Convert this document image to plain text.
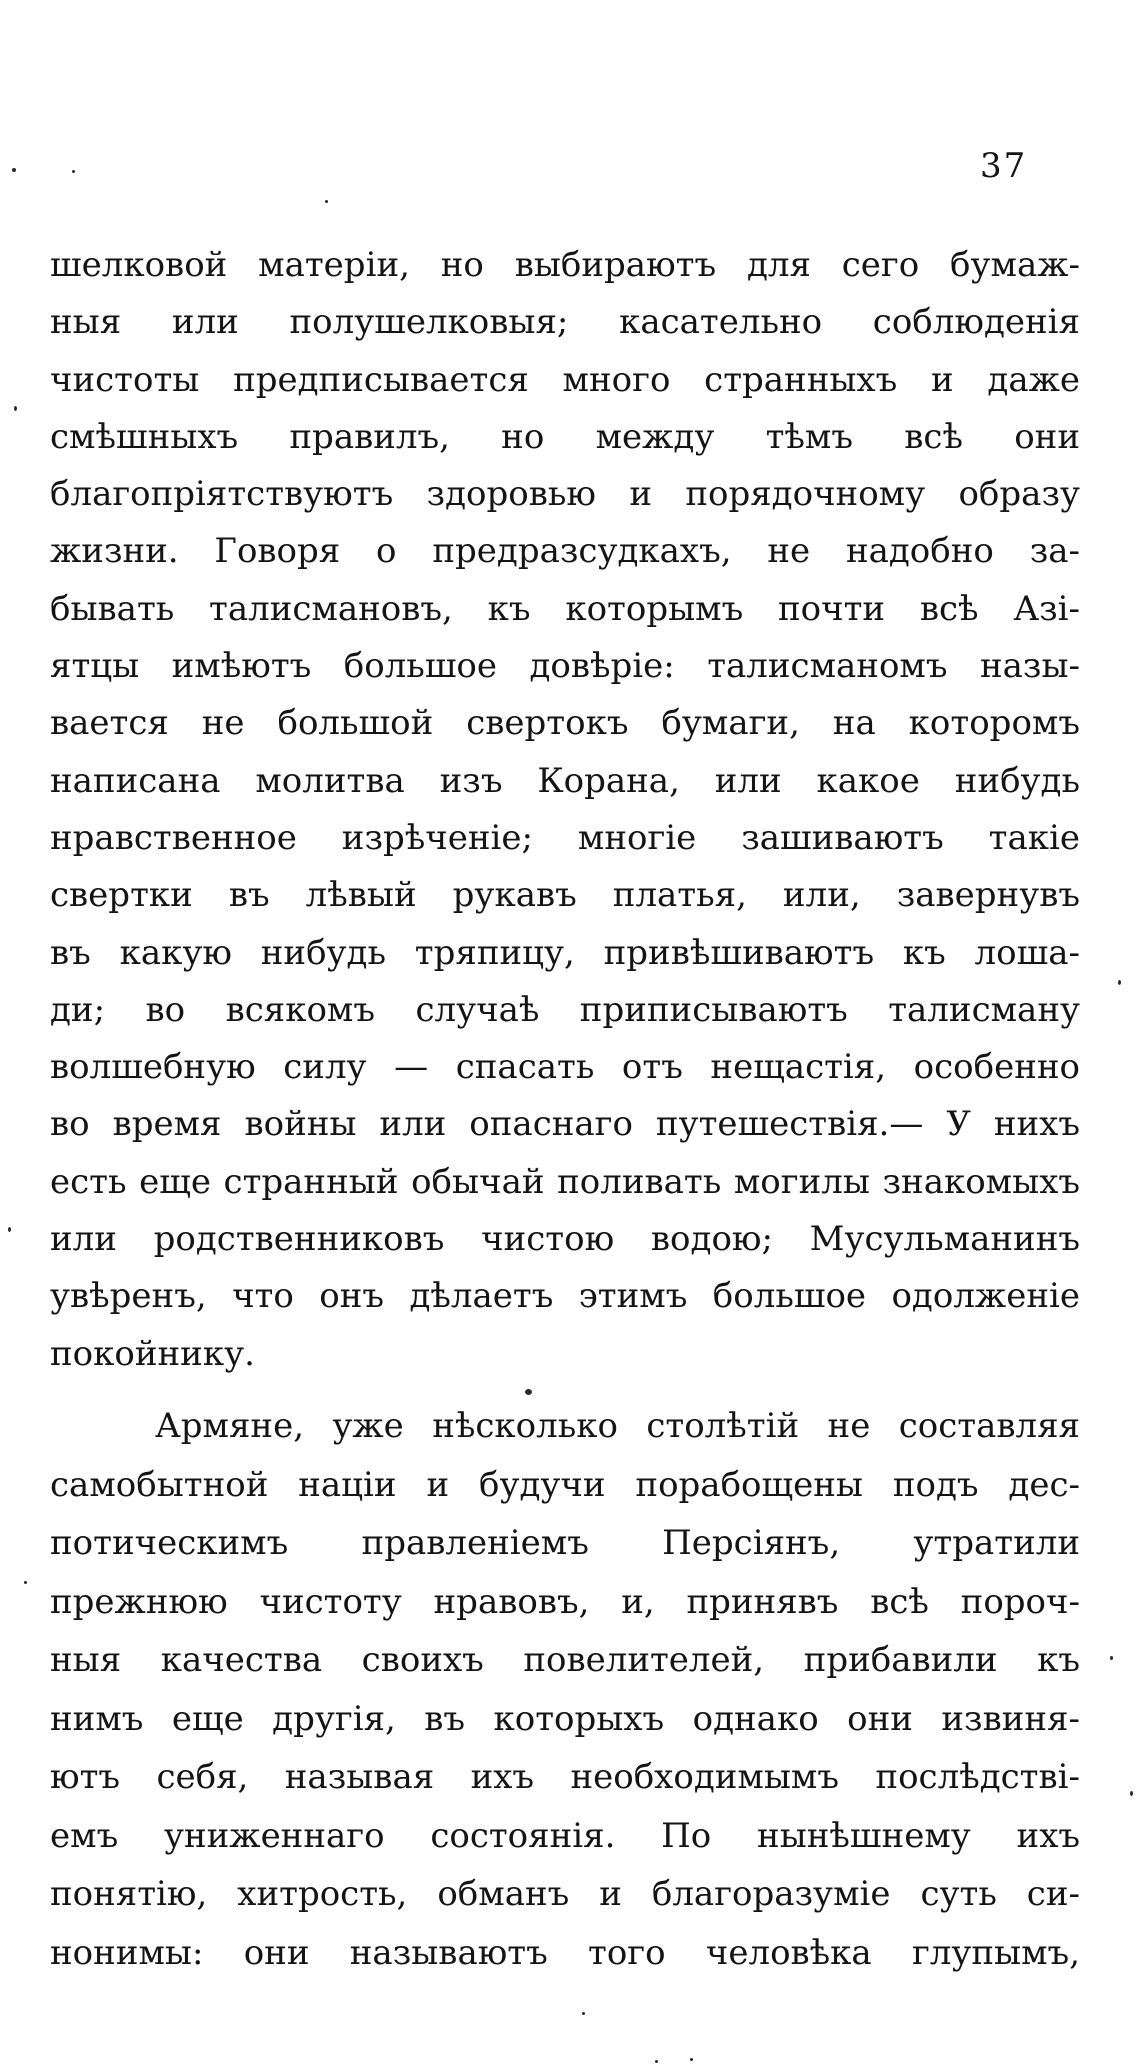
37
шелковой матеріи, но выбираютъ для сего бумаж-
ныя или полушелковыя; касательно соблюденія
чистоты предписывается много странныхъ и даже
смѣшныхъ правилъ, но между тѣмъ всѣ они
благопріятствуютъ здоровью и порядочному образу
жизни. Говоря о предразсудкахъ, не надобно за-
бывать талисмановъ, къ которымъ почти всѣ Азі-
ятцы имѣютъ большое довѣріе: талисманомъ назы-
вается не большой свертокъ бумаги, на которомъ
написана молитва изъ Корана, или какое нибудь
нравственное изрѣченіе; многіе зашиваютъ такіе
свертки въ лѣвый рукавъ платья, или, завернувъ
въ какую нибудь тряпицу, привѣшиваютъ къ лоша-
ди; во всякомъ случаѣ приписываютъ талисману
волшебную силу — спасать отъ нещастія, особенно
во время войны или опаснаго путешествія.— У нихъ
есть еще странный обычай поливать могилы знакомыхъ
или родственниковъ чистою водою; Мусульманинъ
увѣренъ, что онъ дѣлаетъ этимъ большое одолженіе
покойнику.
Армяне, уже нѣсколько столѣтій не составляя
самобытной націи и будучи порабощены подъ дес-
потическимъ правленіемъ Персіянъ, утратили
прежнюю чистоту нравовъ, и, принявъ всѣ пороч-
ныя качества своихъ повелителей, прибавили къ
нимъ еще другія, въ которыхъ однако они извиня-
ютъ себя, называя ихъ необходимымъ послѣдстві-
емъ униженнаго состоянія. По нынѣшнему ихъ
понятію, хитрость, обманъ и благоразуміе суть си-
нонимы: они называютъ того человѣка глупымъ,
